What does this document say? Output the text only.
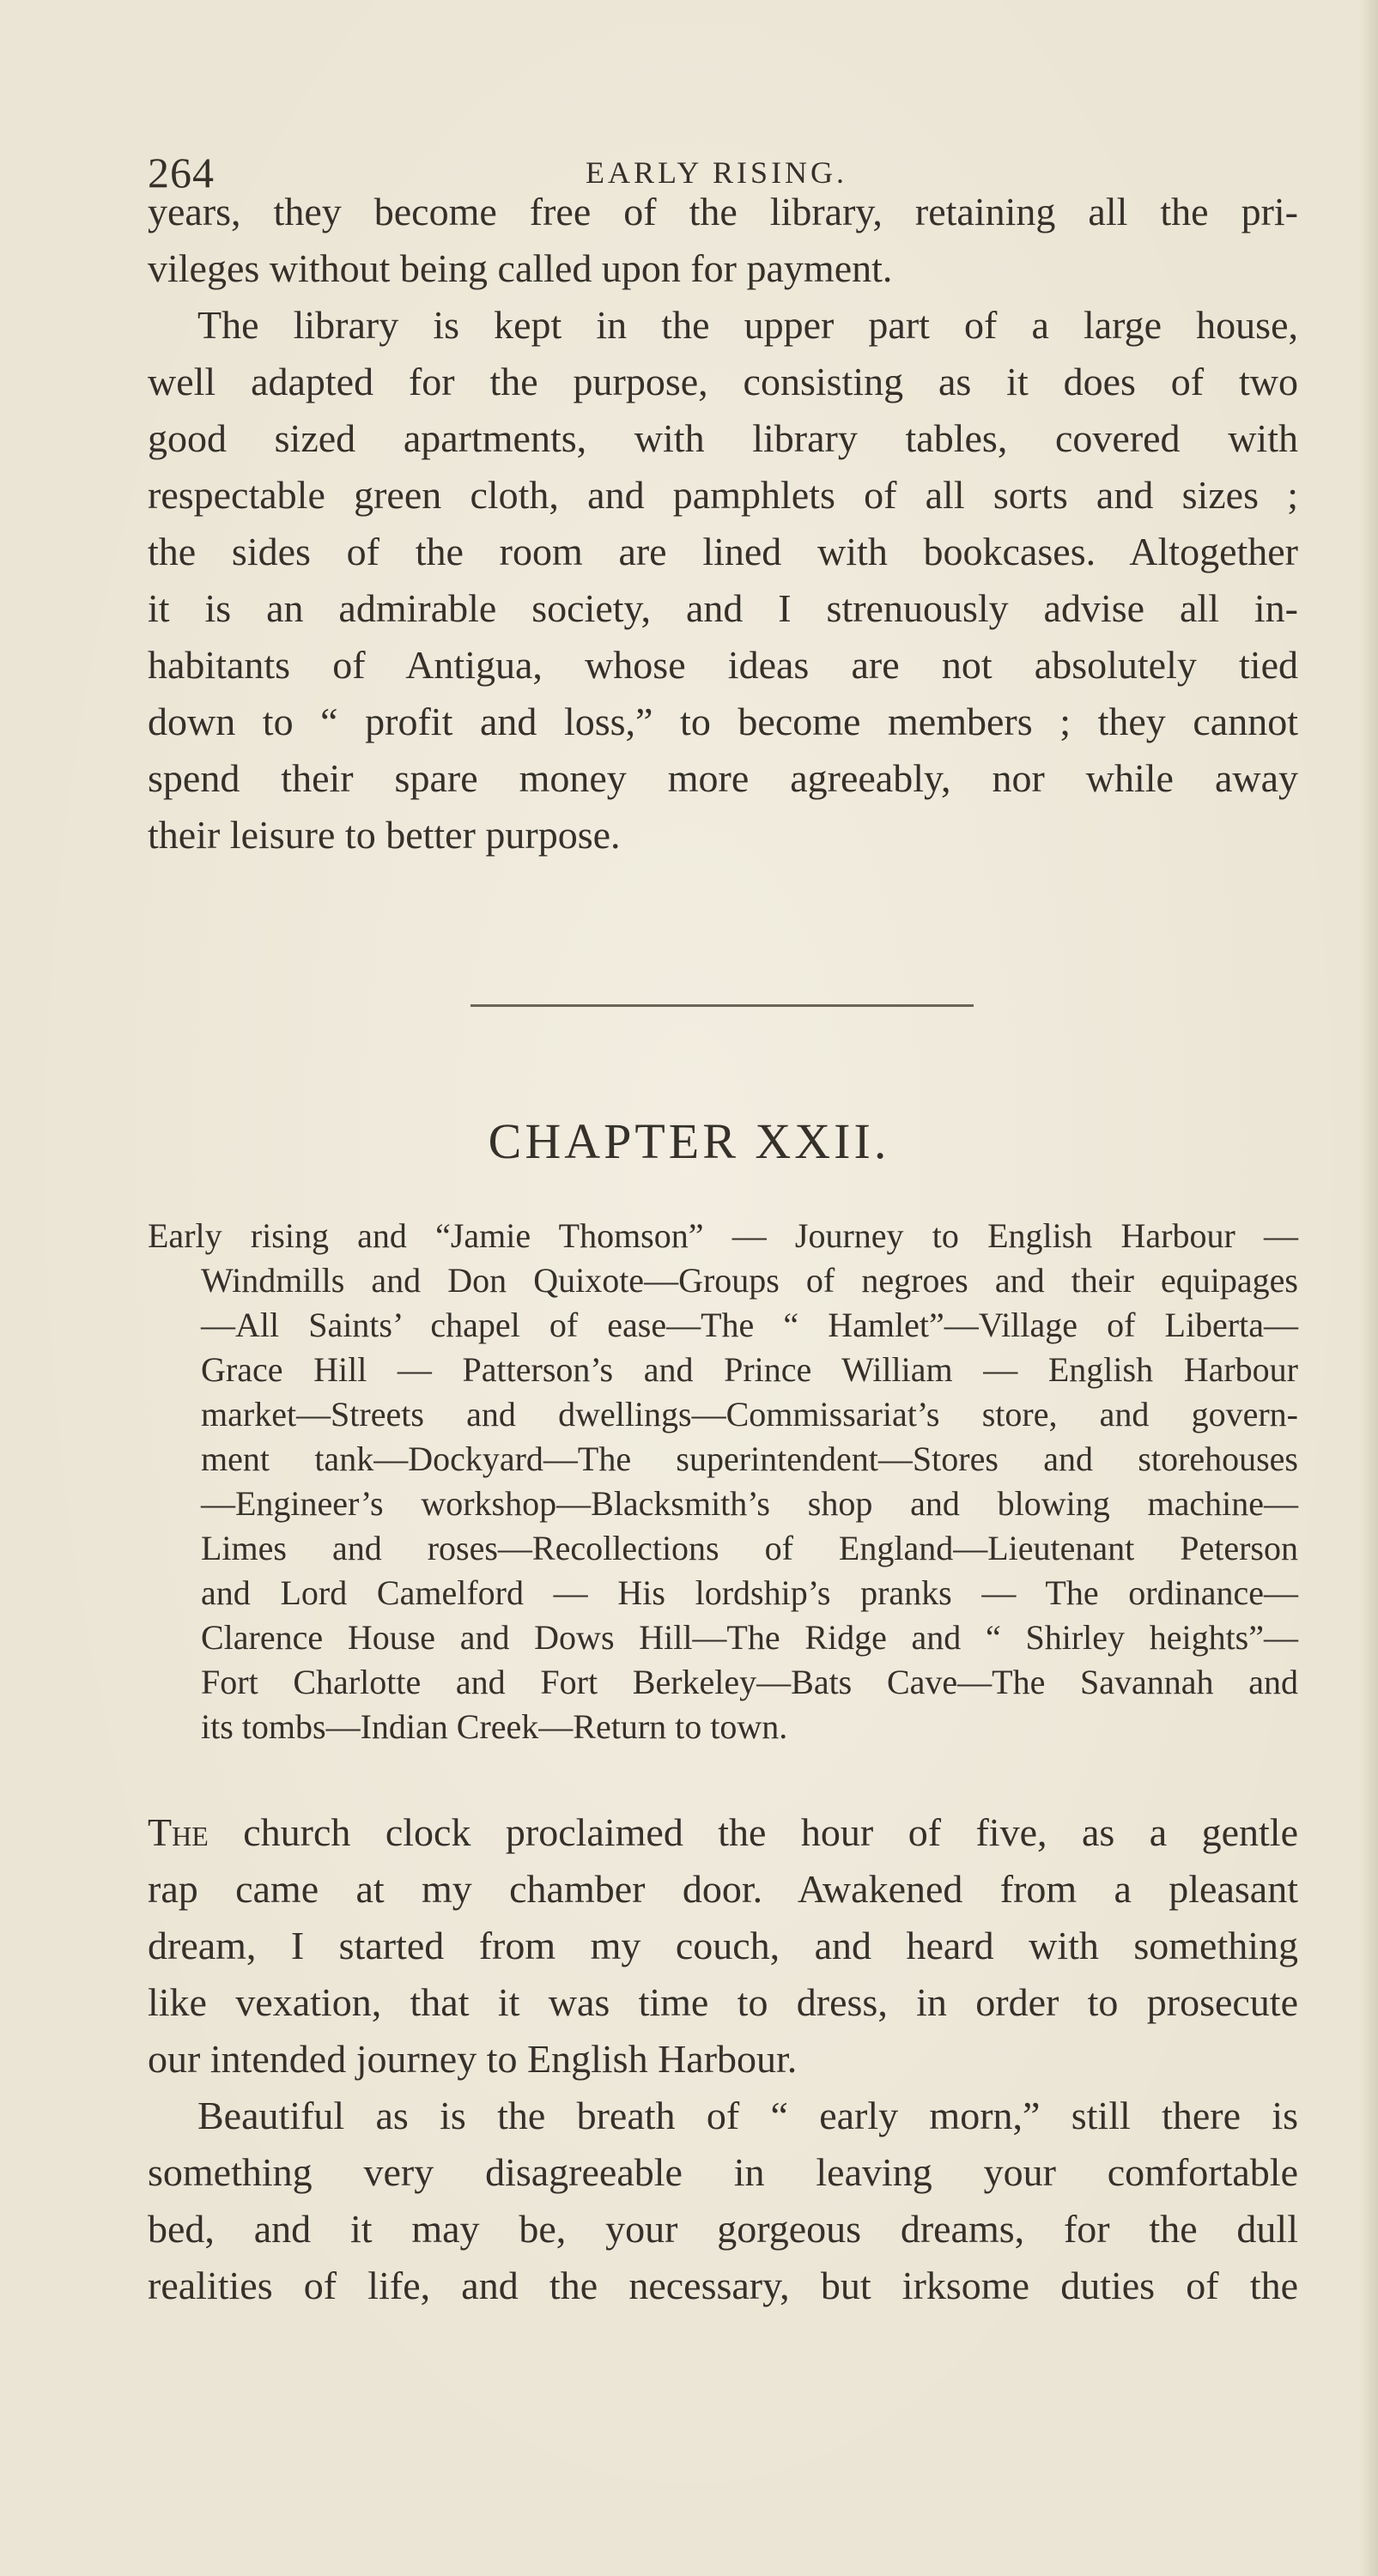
264	EARLY RISING.
years, they become free of the library, retaining all the pri-
vileges without being called upon for payment.
The library is kept in the upper part of a large house,
well adapted for the purpose, consisting as it does of two
good sized apartments, with library tables, covered with
respectable green cloth, and pamphlets of all sorts and sizes ;
the sides of the room are lined with bookcases. Altogether
it is an admirable society, and I strenuously advise all in-
habitants of Antigua, whose ideas are not absolutely tied
down to “ profit and loss,” to become members ; they cannot
spend their spare money more agreeably, nor while away
their leisure to better purpose.
CHAPTER XXII.
Early rising and “Jamie Thomson” — Journey to English Harbour —
Windmills and Don Quixote—Groups of negroes and their equipages
—All Saints’ chapel of ease—The “ Hamlet”—Village of Liberta—
Grace Hill — Patterson’s and Prince William — English Harbour
market—Streets and dwellings—Commissariat’s store, and govern-
ment tank—Dockyard—The superintendent—Stores and storehouses
—Engineer’s workshop—Blacksmith’s shop and blowing machine—
Limes and roses—Recollections of England—Lieutenant Peterson
and Lord Camelford — His lordship’s pranks — The ordinance—
Clarence House and Dows Hill—The Ridge and “ Shirley heights”—
Fort Charlotte and Fort Berkeley—Bats Cave—The Savannah and
its tombs—Indian Creek—Return to town.
The church clock proclaimed the hour of five, as a gentle
rap came at my chamber door. Awakened from a pleasant
dream, I started from my couch, and heard with something
like vexation, that it was time to dress, in order to prosecute
our intended journey to English Harbour.
Beautiful as is the breath of “ early morn,” still there is
something very disagreeable in leaving your comfortable
bed, and it may be, your gorgeous dreams, for the dull
realities of life, and the necessary, but irksome duties of the
